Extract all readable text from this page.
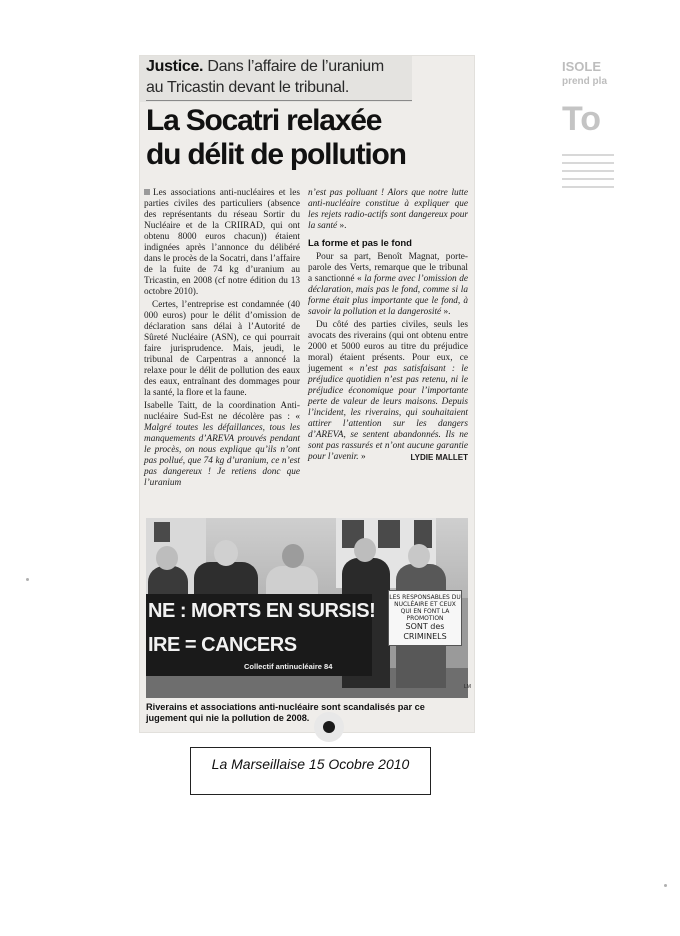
ISOLE
prend pla
To
Justice. Dans l’affaire de l’uranium
au Tricastin devant le tribunal.
La Socatri relaxée
du délit de pollution

Les associations anti-nucléaires et les parties civiles des particuliers (absence des représentants du réseau Sortir du Nucléaire et de la CRIIRAD, qui ont obtenu 8000 euros chacun)) étaient indignées après l’annonce du délibéré dans le procès de la Socatri, dans l’affaire de la fuite de 74 kg d’uranium au Tricastin, en 2008 (cf notre édition du 13 octobre 2010).

Certes, l’entreprise est condamnée (40 000 euros) pour le délit d’omission de déclaration sans délai à l’Autorité de Sûreté Nucléaire (ASN), ce qui pourrait faire jurisprudence. Mais, jeudi, le tribunal de Carpentras a annoncé la relaxe pour le délit de pollution des eaux des eaux, entraînant des dommages pour la santé, la flore et la faune.

Isabelle Taitt, de la coordination Anti-nucléaire Sud-Est ne décolère pas : « Malgré toutes les défaillances, tous les manquements d’AREVA prouvés pendant le procès, on nous explique qu’ils n’ont pas pollué, que 74 kg d’uranium, ce n’est pas dangereux ! Je retiens donc que l’uranium

n’est pas polluant ! Alors que notre lutte anti-nucléaire constitue à expliquer que les rejets radio-actifs sont dangereux pour la santé ».

La forme et pas le fond

Pour sa part, Benoît Magnat, porte-parole des Verts, remarque que le tribunal a sanctionné « la forme avec l’omission de déclaration, mais pas le fond, comme si la forme était plus importante que le fond, à savoir la pollution et la dangerosité ».

Du côté des parties civiles, seuls les avocats des riverains (qui ont obtenu entre 2000 et 5000 euros au titre du préjudice moral) étaient présents. Pour eux, ce jugement « n’est pas satisfaisant : le préjudice quotidien n’est pas retenu, ni le préjudice économique pour l’importante perte de valeur de leurs maisons. Depuis l’incident, les riverains, qui souhaitaient attirer l’attention sur les dangers d’AREVA, se sentent abandonnés. Ils ne sont pas rassurés et n’ont aucune garantie pour l’avenir. »	LYDIE MALLET

NE : MORTS EN SURSIS!
IRE = CANCERS
Collectif antinucléaire 84
LES RESPONSABLES DU
NUCLÉAIRE ET CEUX
QUI EN FONT LA PROMOTION
SONT des CRIMINELS
LM
Riverains et associations anti-nucléaire sont scandalisés par ce jugement qui nie la pollution de 2008.
La Marseillaise 15 Ocobre 2010
